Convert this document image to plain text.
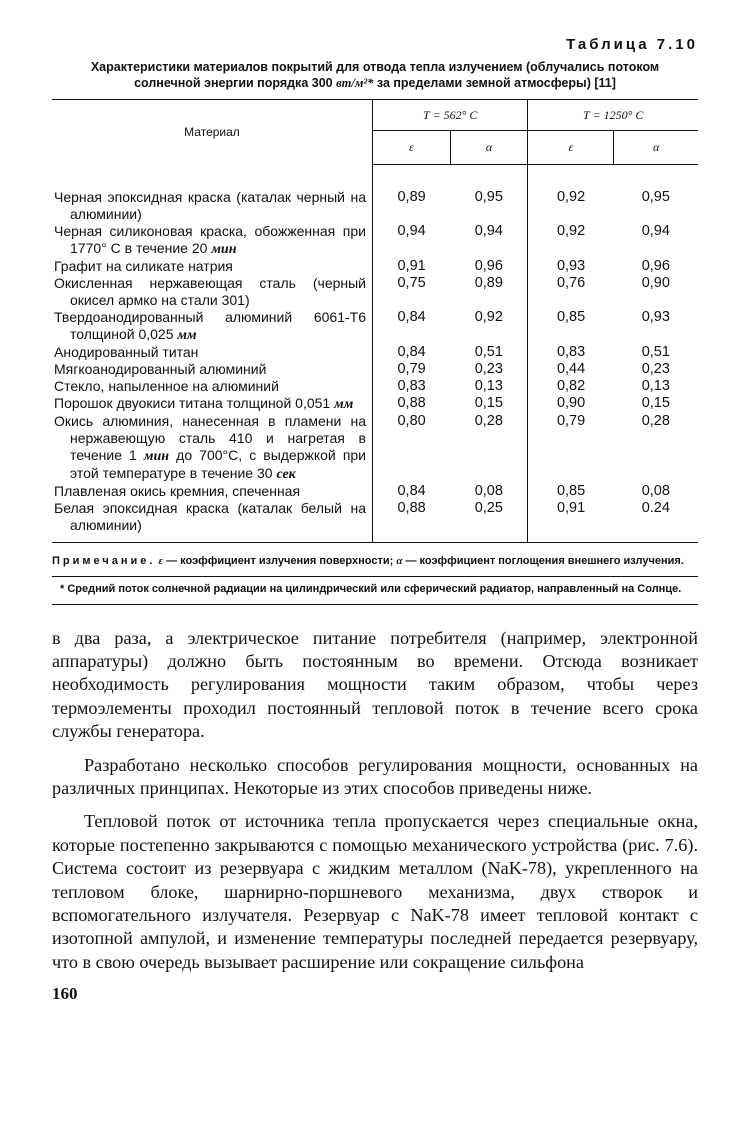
Таблица 7.10
Характеристики материалов покрытий для отвода тепла излучением (облучались потоком солнечной энергии порядка 300 вт/м²* за пределами земной атмосферы) [11]
Материал	T = 562° C		T = 1250° C	
	ε	α	ε	α

Черная эпоксидная краска (каталак черный на алюминии)	0,89	0,95	0,92	0,95

Черная силиконовая краска, обожженная при 1770° С в течение 20 мин	0,94	0,94	0,92	0,94

Графит на силикате натрия	0,91	0,96	0,93	0,96

Окисленная нержавеющая сталь (черный окисел армко на стали 301)	0,75	0,89	0,76	0,90

Твердоанодированный алюминий 6061-Т6 толщиной 0,025 мм	0,84	0,92	0,85	0,93

Анодированный титан	0,84	0,51	0,83	0,51

Мягкоанодированный алюминий	0,79	0,23	0,44	0,23

Стекло, напыленное на алюминий	0,83	0,13	0,82	0,13

Порошок двуокиси титана толщиной 0,051 мм	0,88	0,15	0,90	0,15

Окись алюминия, нанесенная в пламени на нержавеющую сталь 410 и нагретая в течение 1 мин до 700°С, с выдержкой при этой температуре в течение 30 сек	0,80	0,28	0,79	0,28

Плавленая окись кремния, спеченная	0,84	0,08	0,85	0,08

Белая эпоксидная краска (каталак белый на алюминии)	0,88	0,25	0,91	0.24

Примечание. ε — коэффициент излучения поверхности; α — коэффициент поглощения внешнего излучения.
* Средний поток солнечной радиации на цилиндрический или сферический радиатор, направленный на Солнце.

в два раза, а электрическое питание потребителя (например, электронной аппаратуры) должно быть постоянным во времени. Отсюда возникает необходимость регулирования мощности таким образом, чтобы через термоэлементы проходил постоянный тепловой поток в течение всего срока службы генератора.

Разработано несколько способов регулирования мощности, основанных на различных принципах. Некоторые из этих способов приведены ниже.

Тепловой поток от источника тепла пропускается через специальные окна, которые постепенно закрываются с помощью механического устройства (рис. 7.6). Система состоит из резервуара с жидким металлом (NaK-78), укрепленного на тепловом блоке, шарнирно-поршневого механизма, двух створок и вспомогательного излучателя. Резервуар с NaK-78 имеет тепловой контакт с изотопной ампулой, и изменение температуры последней передается резервуару, что в свою очередь вызывает расширение или сокращение сильфона

160
